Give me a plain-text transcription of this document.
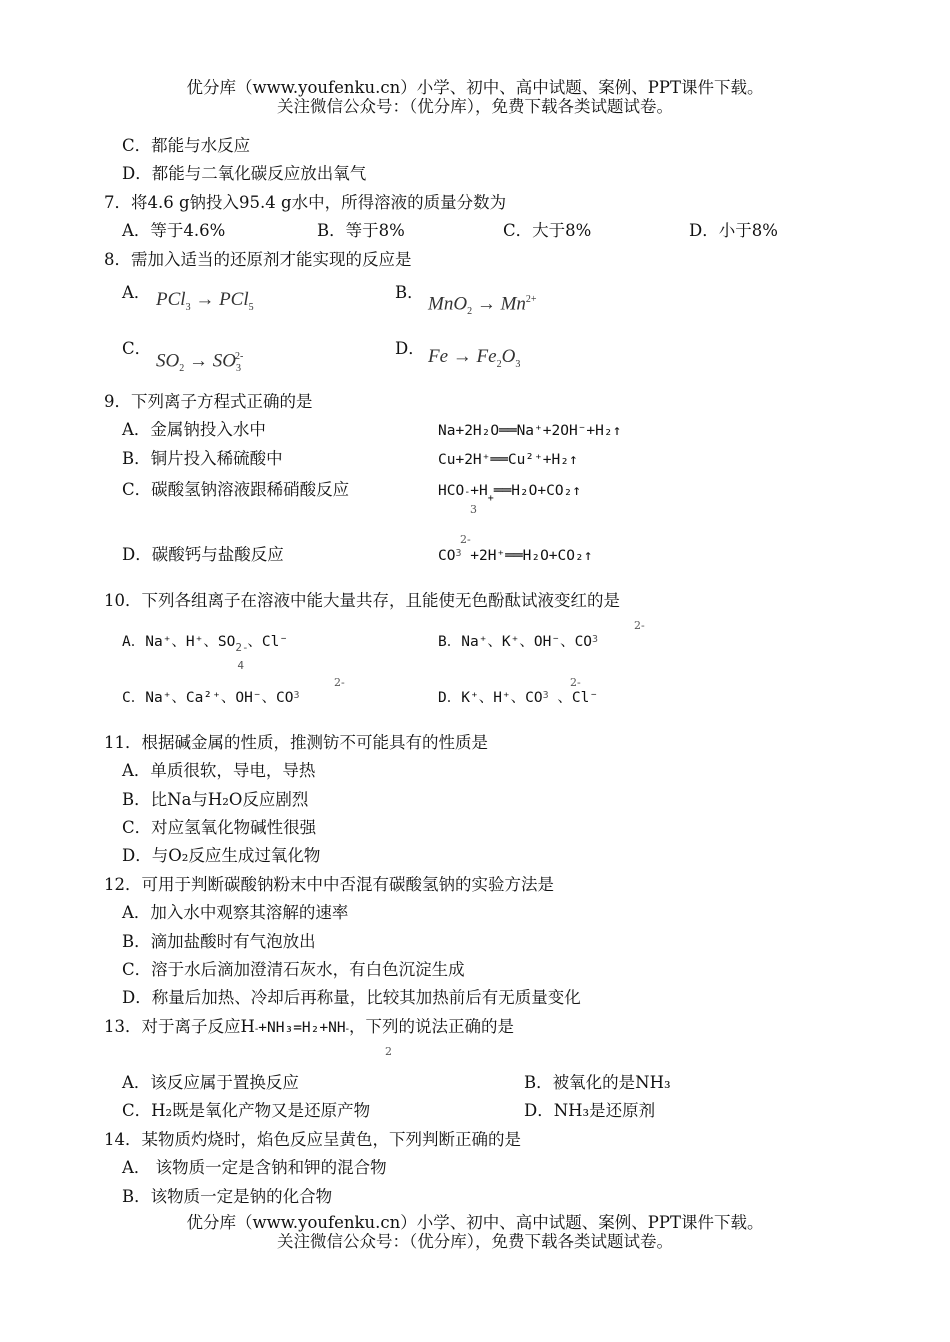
优分库（www.youfenku.cn）小学、初中、高中试题、案例、PPT课件下载。
关注微信公众号：（优分库），免费下载各类试题试卷。
C．都能与水反应
D．都能与二氧化碳反应放出氧气
7．将4.6 g钠投入95.4 g水中，所得溶液的质量分数为
A．等于4.6%	B．等于8%	C．大于8%	D．小于8%
8．需加入适当的还原剂才能实现的反应是
A． PCl$_3$ → PCl$_5$
B．
$MnO_2 \to Mn^{2+}$
C．
$SO_2 \to SO_3^{2-}$	D． $Fe \to Fe_2O_3$
9．下列离子方程式正确的是
A．金属钠投入水中	Na+2H₂O══Na⁺+2OH⁻+H₂↑
B．铜片投入稀硫酸中	Cu+2H⁺══Cu²⁺+H₂↑
C．碳酸氢钠溶液跟稀硝酸反应	HCO-$+H_+══H_2O+CO_2↑$
3
2-
D．碳酸钙与盐酸反应	$CO^3$ +2H⁺══H₂O+CO₂↑
10．下列各组离子在溶液中能大量共存，且能使无色酚酞试液变红的是
A．Na⁺、H⁺、SO 2-
4
、Cl⁻
2-
B．Na⁺、K⁺、OH⁻、$CO^3$
2-
C．Na⁺、Ca²⁺、OH⁻、$CO^3$
2-
D．K⁺、H⁺、$CO^3$ 、Cl⁻
11．根据碱金属的性质，推测钫不可能具有的性质是
A．单质很软，导电，导热
B．比Na与H₂O反应剧烈
C．对应氢氧化物碱性很强
D．与O₂反应生成过氧化物
12．可用于判断碳酸钠粉末中中否混有碳酸氢钠的实验方法是
A．加入水中观察其溶解的速率
B．滴加盐酸时有气泡放出
C．溶于水后滴加澄清石灰水，有白色沉淀生成
D．称量后加热、冷却后再称量，比较其加热前后有无质量变化
13．对于离子反应H-+NH₃=H₂+NH-，下列的说法正确的是
2
A．该反应属于置换反应	B．被氧化的是NH₃
C．H₂既是氧化产物又是还原产物	D．NH₃是还原剂
14．某物质灼烧时，焰色反应呈黄色，下列判断正确的是
A． 该物质一定是含钠和钾的混合物
B．该物质一定是钠的化合物
优分库（www.youfenku.cn）小学、初中、高中试题、案例、PPT课件下载。
关注微信公众号：（优分库），免费下载各类试题试卷。
